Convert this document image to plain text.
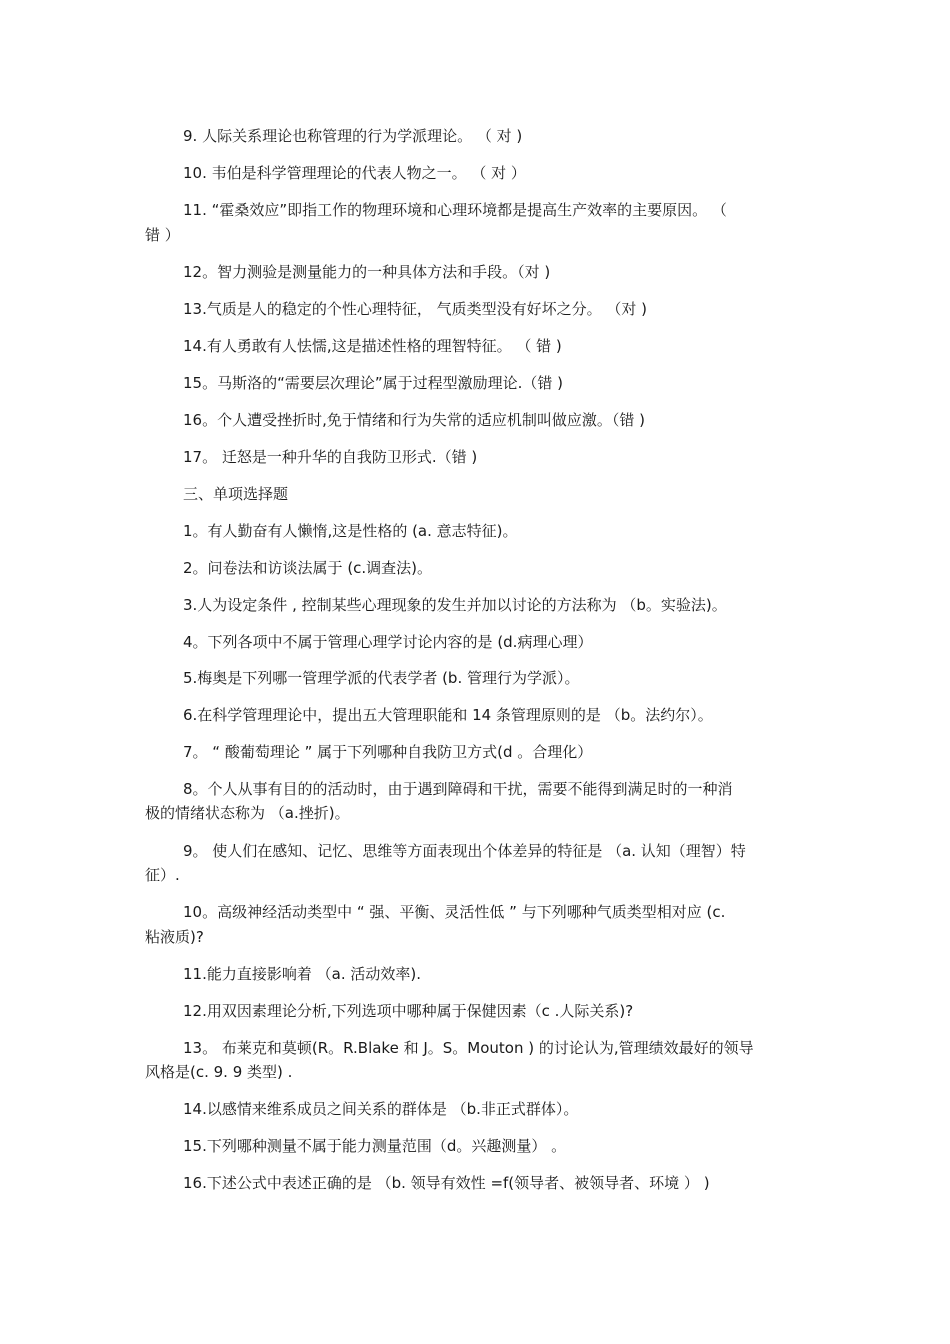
9. 人际关系理论也称管理的行为学派理论。 （ 对 )
10. 韦伯是科学管理理论的代表人物之一。 （ 对 ）
11. “霍桑效应”即指工作的物理环境和心理环境都是提高生产效率的主要原因。 （
错 ）
12。智力测验是测量能力的一种具体方法和手段。（对 )
13.气质是人的稳定的个性心理特征， 气质类型没有好坏之分。 （对 )
14.有人勇敢有人怯懦,这是描述性格的理智特征。 （ 错 )
15。马斯洛的“需要层次理论”属于过程型激励理论.（错 )
16。个人遭受挫折时,免于情绪和行为失常的适应机制叫做应激。（错 )
17。 迁怒是一种升华的自我防卫形式.（错 )
三、单项选择题
1。有人勤奋有人懒惰,这是性格的 (a. 意志特征)。
2。问卷法和访谈法属于 (c.调查法)。
3.人为设定条件 , 控制某些心理现象的发生并加以讨论的方法称为 （b。实验法)。
4。下列各项中不属于管理心理学讨论内容的是 (d.病理心理）
5.梅奥是下列哪一管理学派的代表学者 (b. 管理行为学派）。
6.在科学管理理论中，提出五大管理职能和 14 条管理原则的是 （b。法约尔）。
7。 “ 酸葡萄理论 ” 属于下列哪种自我防卫方式(d 。合理化）
8。个人从事有目的的活动时，由于遇到障碍和干扰，需要不能得到满足时的一种消
极的情绪状态称为 （a.挫折)。
9。 使人们在感知、记忆、思维等方面表现出个体差异的特征是 （a. 认知（理智）特
征）.
10。高级神经活动类型中 “ 强、平衡、灵活性低 ” 与下列哪种气质类型相对应 (c.
粘液质)?
11.能力直接影响着 （a. 活动效率).
12.用双因素理论分析,下列选项中哪种属于保健因素（c .人际关系)?
13。 布莱克和莫顿(R。R.Blake 和 J。S。Mouton ) 的讨论认为,管理绩效最好的领导
风格是(c. 9. 9 类型) .
14.以感情来维系成员之间关系的群体是 （b.非正式群体）。
15.下列哪种测量不属于能力测量范围（d。兴趣测量） 。
16.下述公式中表述正确的是 （b. 领导有效性 =f(领导者、被领导者、环境 ） )
